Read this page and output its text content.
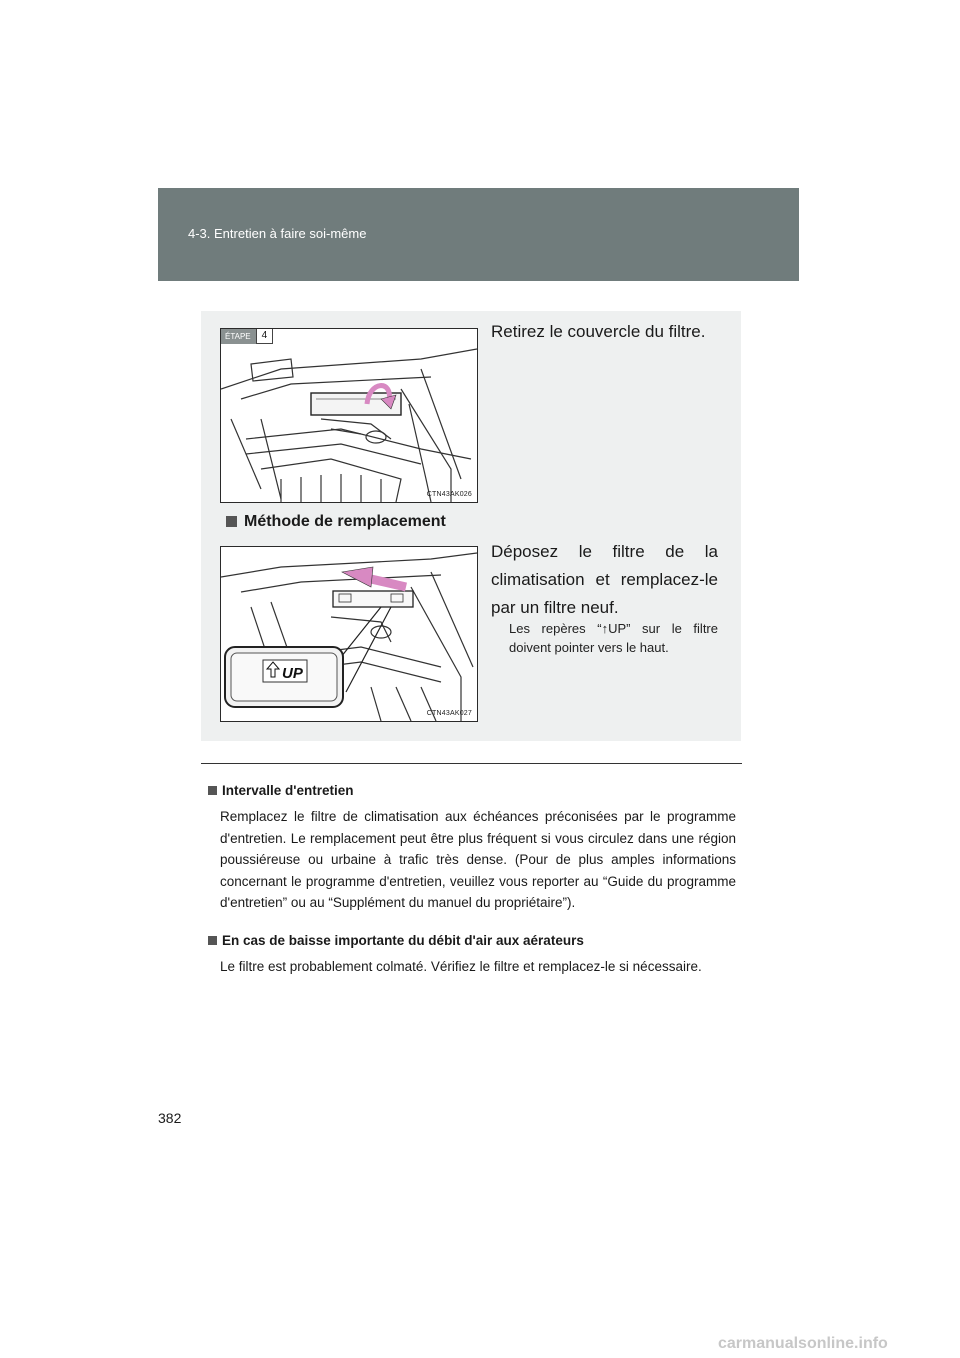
4-3. Entretien à faire soi-même
ÉTAPE	4
CTN43AK026
Retirez le couvercle du filtre.
Méthode de remplacement
UP
CTN43AK027
Déposez le filtre de la climatisation et remplacez-le par un filtre neuf.
Les repères “↑UP” sur le filtre doivent pointer vers le haut.
Intervalle d'entretien
Remplacez le filtre de climatisation aux échéances préconisées par le programme d'entretien. Le remplacement peut être plus fréquent si vous circulez dans une région poussiéreuse ou urbaine à trafic très dense. (Pour de plus amples informations concernant le programme d'entretien, veuillez vous reporter au “Guide du programme d'entretien” ou au “Supplément du manuel du propriétaire”).
En cas de baisse importante du débit d'air aux aérateurs
Le filtre est probablement colmaté. Vérifiez le filtre et remplacez-le si nécessaire.
382
carmanualsonline.info
